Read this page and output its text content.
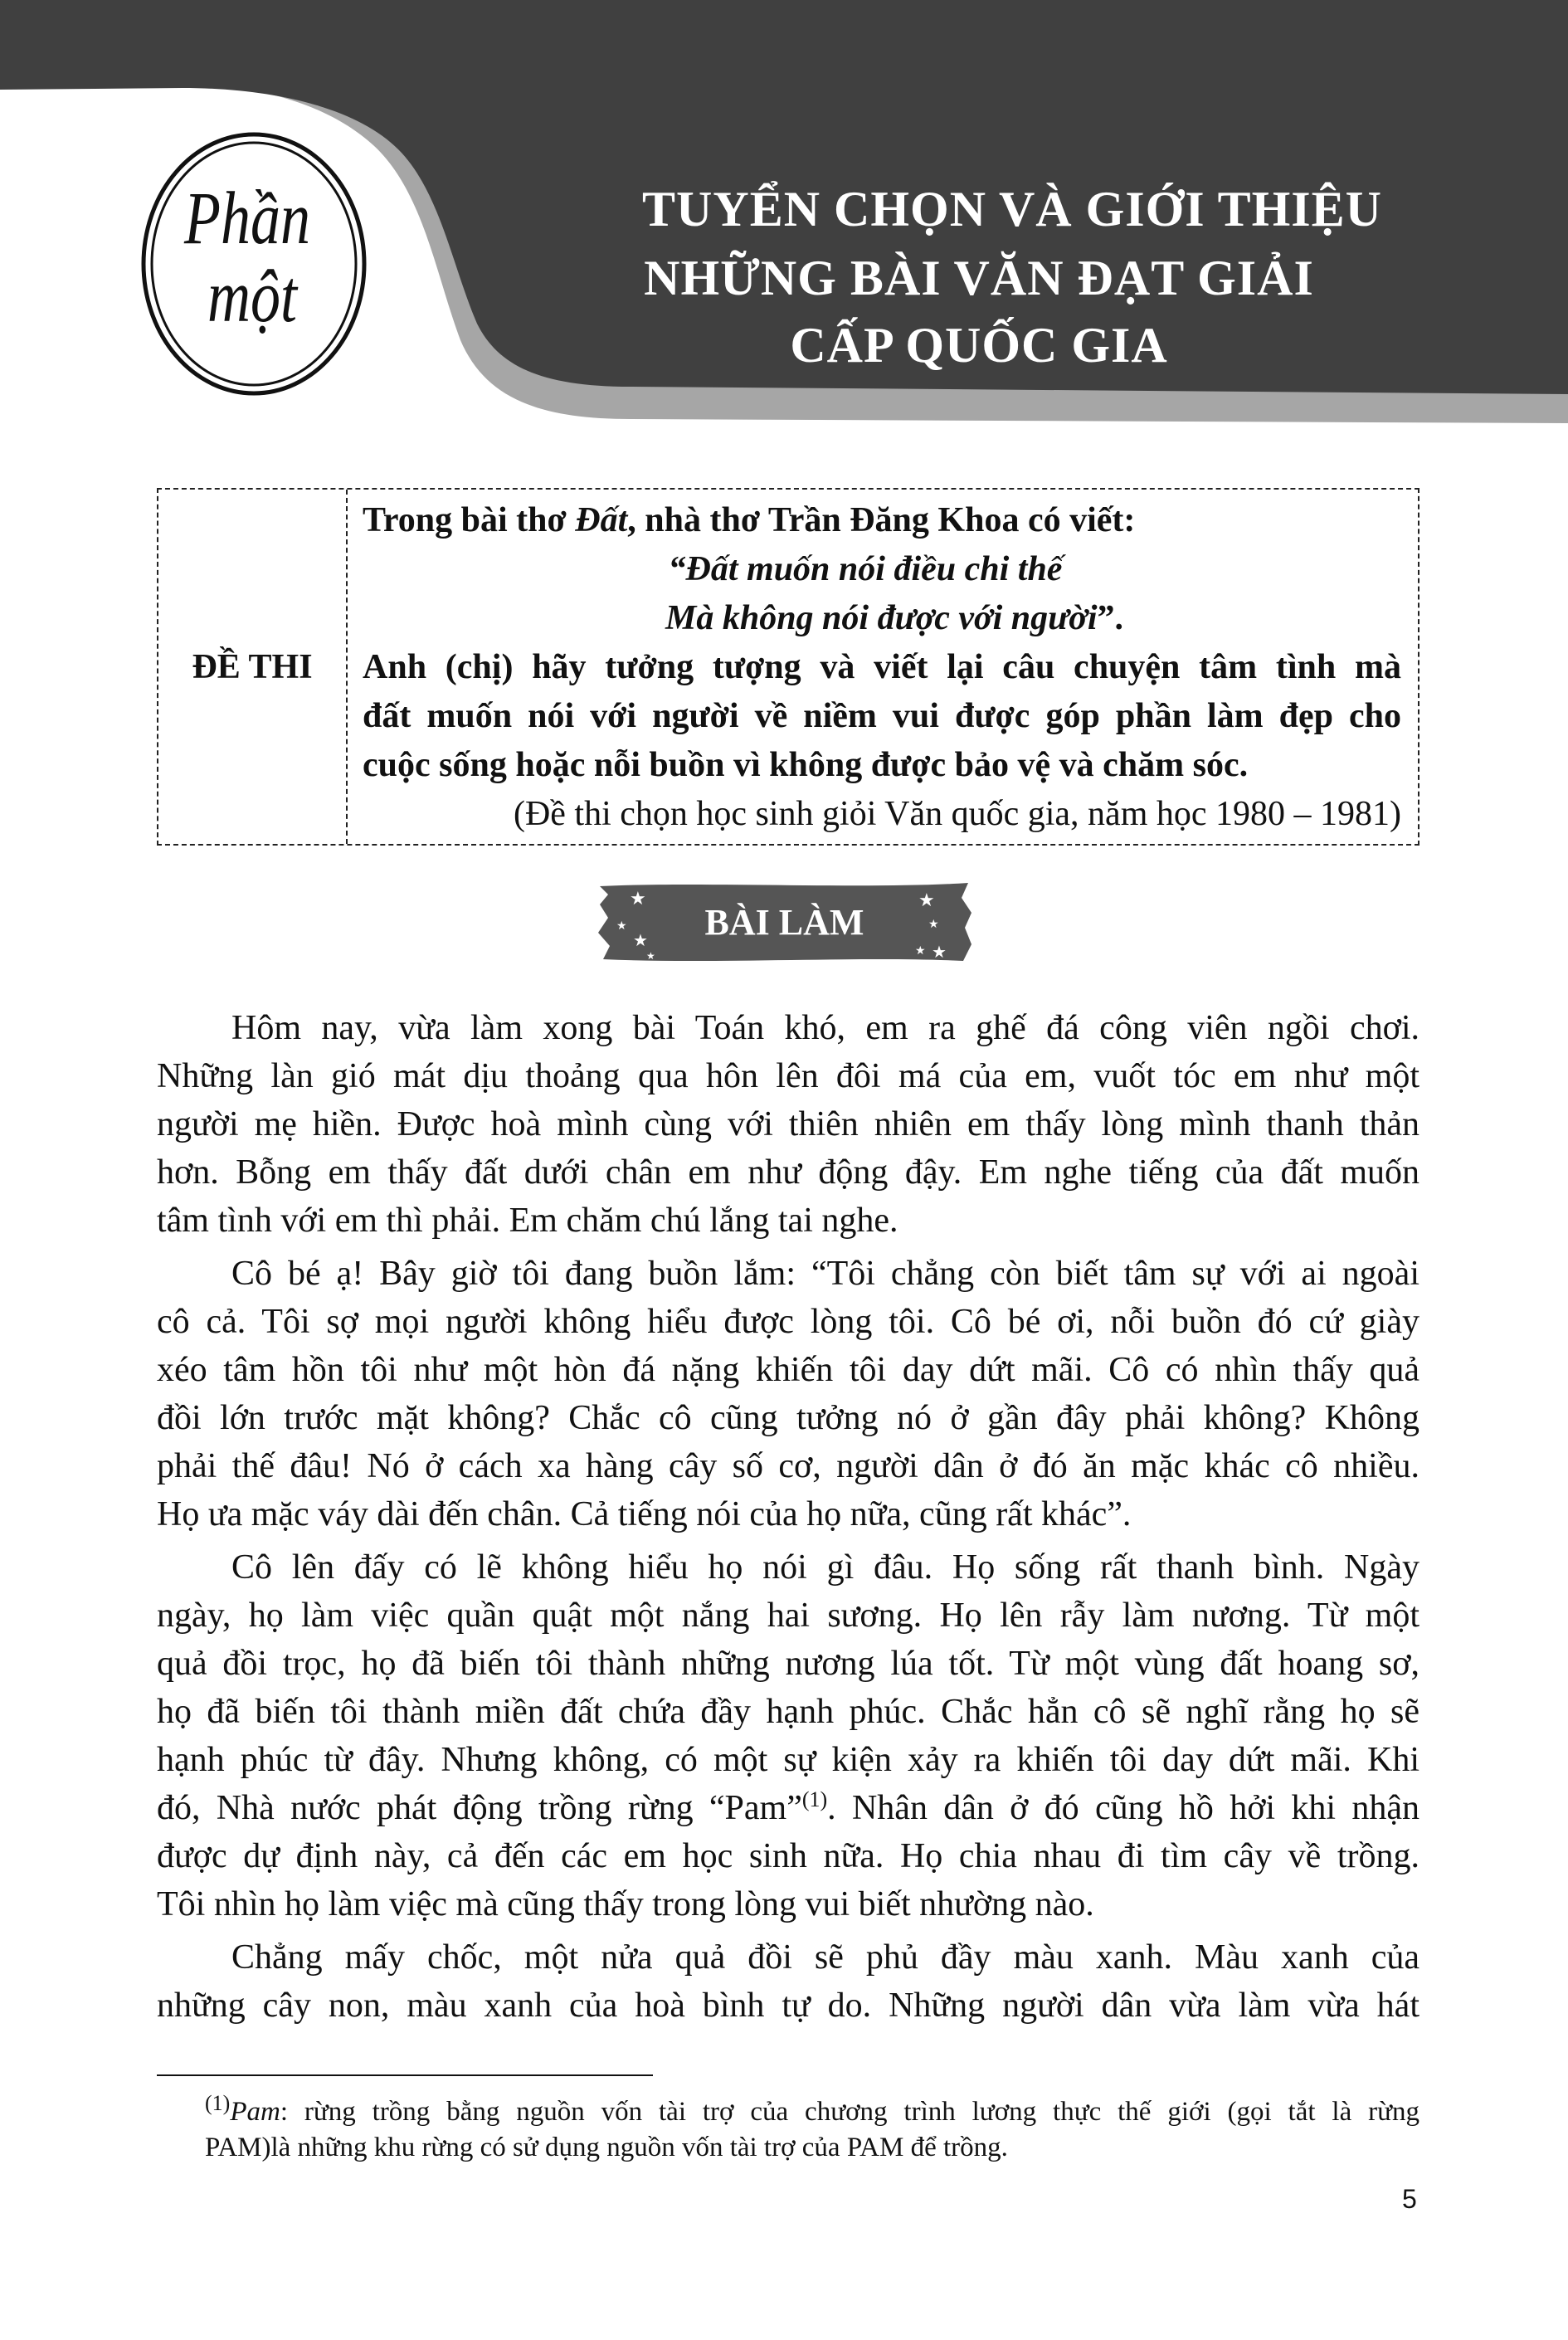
Phần
một
TUYỂN CHỌN VÀ GIỚI THIỆU
NHỮNG BÀI VĂN ĐẠT GIẢI
CẤP QUỐC GIA
ĐỀ THI
Trong bài thơ Đất, nhà thơ Trần Đăng Khoa có viết:
“Đất muốn nói điều chi thế
Mà không nói được với người”.
Anh (chị) hãy tưởng tượng và viết lại câu chuyện tâm tình mà
đất muốn nói với người về niềm vui được góp phần làm đẹp cho
cuộc sống hoặc nỗi buồn vì không được bảo vệ và chăm sóc.
(Đề thi chọn học sinh giỏi Văn quốc gia, năm học 1980 – 1981)
★
★
★
★
★
★
★ ★
BÀI LÀM
Hôm nay, vừa làm xong bài Toán khó, em ra ghế đá công viên ngồi chơi.
Những làn gió mát dịu thoảng qua hôn lên đôi má của em, vuốt tóc em như một
người mẹ hiền. Được hoà mình cùng với thiên nhiên em thấy lòng mình thanh thản
hơn. Bỗng em thấy đất dưới chân em như động đậy. Em nghe tiếng của đất muốn
tâm tình với em thì phải. Em chăm chú lắng tai nghe.
Cô bé ạ! Bây giờ tôi đang buồn lắm: “Tôi chẳng còn biết tâm sự với ai ngoài
cô cả. Tôi sợ mọi người không hiểu được lòng tôi. Cô bé ơi, nỗi buồn đó cứ giày
xéo tâm hồn tôi như một hòn đá nặng khiến tôi day dứt mãi. Cô có nhìn thấy quả
đồi lớn trước mặt không? Chắc cô cũng tưởng nó ở gần đây phải không? Không
phải thế đâu! Nó ở cách xa hàng cây số cơ, người dân ở đó ăn mặc khác cô nhiều.
Họ ưa mặc váy dài đến chân. Cả tiếng nói của họ nữa, cũng rất khác”.
Cô lên đấy có lẽ không hiểu họ nói gì đâu. Họ sống rất thanh bình. Ngày
ngày, họ làm việc quần quật một nắng hai sương. Họ lên rẫy làm nương. Từ một
quả đồi trọc, họ đã biến tôi thành những nương lúa tốt. Từ một vùng đất hoang sơ,
họ đã biến tôi thành miền đất chứa đầy hạnh phúc. Chắc hẳn cô sẽ nghĩ rằng họ sẽ
hạnh phúc từ đây. Nhưng không, có một sự kiện xảy ra khiến tôi day dứt mãi. Khi
đó, Nhà nước phát động trồng rừng “Pam”$^{(1)}$. Nhân dân ở đó cũng hồ hởi khi nhận
được dự định này, cả đến các em học sinh nữa. Họ chia nhau đi tìm cây về trồng.
Tôi nhìn họ làm việc mà cũng thấy trong lòng vui biết nhường nào.
Chẳng mấy chốc, một nửa quả đồi sẽ phủ đầy màu xanh. Màu xanh của
những cây non, màu xanh của hoà bình tự do. Những người dân vừa làm vừa hát
$^{(1)}$Pam: rừng trồng bằng nguồn vốn tài trợ của chương trình lương thực thế giới (gọi tắt là rừng
PAM)là những khu rừng có sử dụng nguồn vốn tài trợ của PAM để trồng.
5
